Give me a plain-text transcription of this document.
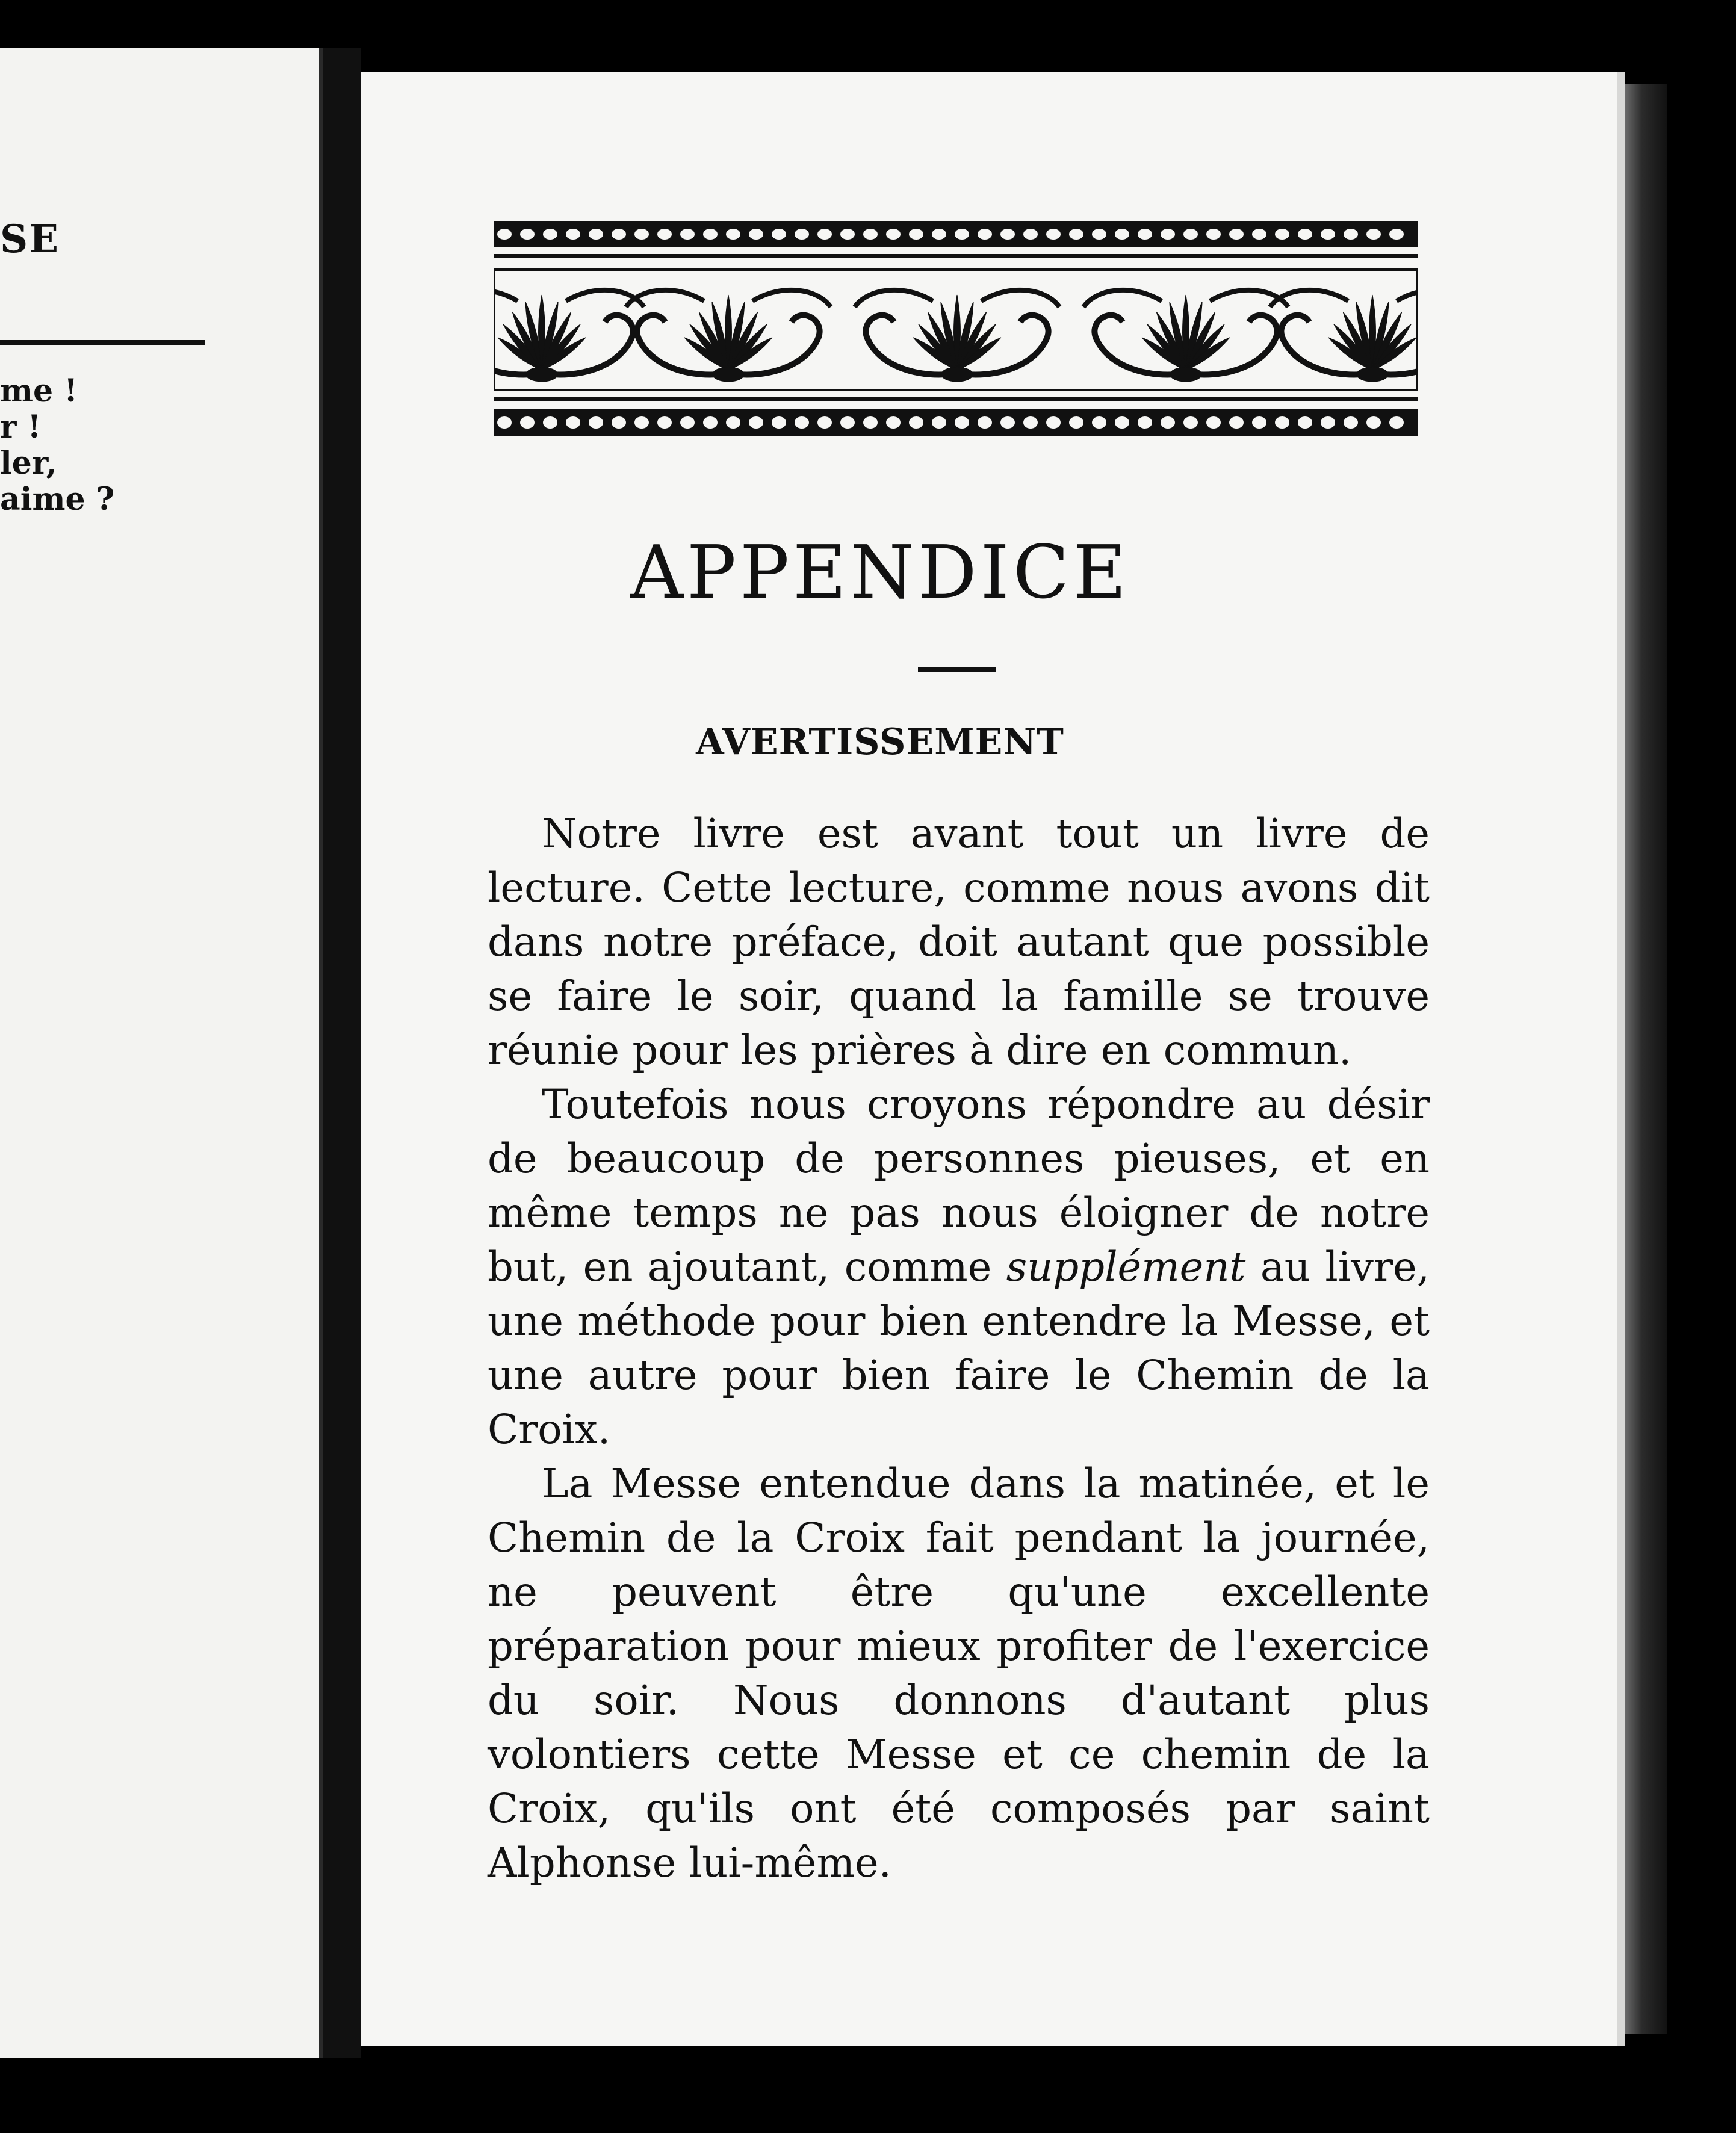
SE
me !
r !
ler,
aime ?
APPENDICE
AVERTISSEMENT

Notre livre est avant tout un livre de lecture. Cette lecture, comme nous avons dit dans notre préface, doit autant que possible se faire le soir, quand la famille se trouve réunie pour les prières à dire en commun.

Toutefois nous croyons répondre au désir de beaucoup de personnes pieuses, et en même temps ne pas nous éloigner de notre but, en ajoutant, comme supplément au livre, une méthode pour bien entendre la Messe, et une autre pour bien faire le Chemin de la Croix.

La Messe entendue dans la matinée, et le Chemin de la Croix fait pendant la journée, ne peuvent être qu'une excellente préparation pour mieux profiter de l'exercice du soir. Nous donnons d'autant plus volontiers cette Messe et ce chemin de la Croix, qu'ils ont été composés par saint Alphonse lui-même.
